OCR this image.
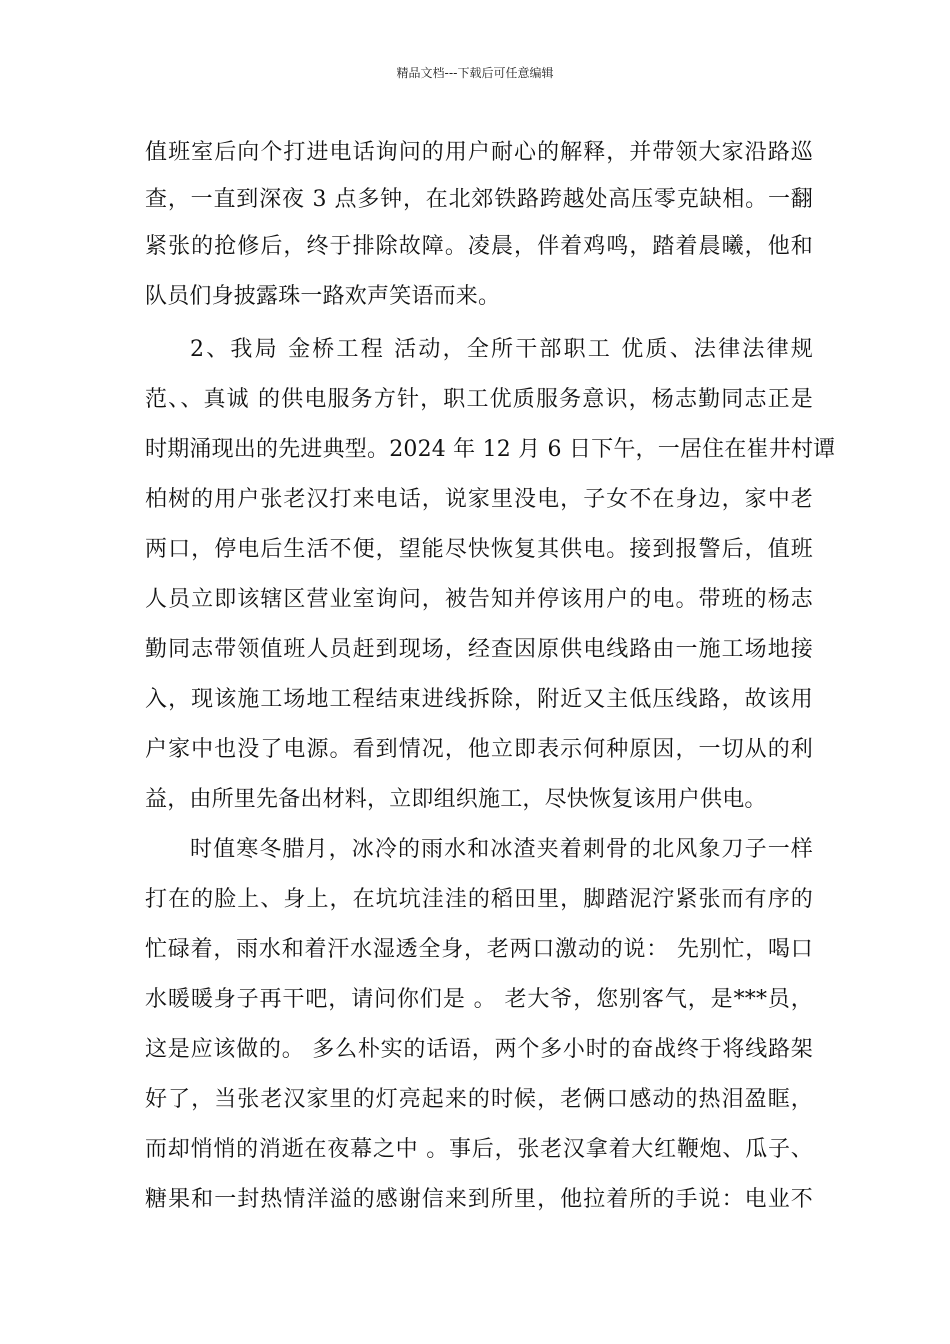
精品文档---下载后可任意编辑
值班室后向个打进电话询问的用户耐心的解释，并带领大家沿路巡
查，一直到深夜 3 点多钟，在北郊铁路跨越处高压零克缺相。一翻
紧张的抢修后，终于排除故障。凌晨，伴着鸡鸣，踏着晨曦，他和
队员们身披露珠一路欢声笑语而来。
2、我局 金桥工程 活动，全所干部职工 优质、法律法律规
范、、真诚 的供电服务方针，职工优质服务意识，杨志勤同志正是
时期涌现出的先进典型。2024 年 12 月 6 日下午，一居住在崔井村谭
柏树的用户张老汉打来电话，说家里没电，子女不在身边，家中老
两口，停电后生活不便，望能尽快恢复其供电。接到报警后，值班
人员立即该辖区营业室询问，被告知并停该用户的电。带班的杨志
勤同志带领值班人员赶到现场，经查因原供电线路由一施工场地接
入，现该施工场地工程结束进线拆除，附近又主低压线路，故该用
户家中也没了电源。看到情况，他立即表示何种原因，一切从的利
益，由所里先备出材料，立即组织施工，尽快恢复该用户供电。
时值寒冬腊月，冰冷的雨水和冰渣夹着刺骨的北风象刀子一样
打在的脸上、身上，在坑坑洼洼的稻田里，脚踏泥泞紧张而有序的
忙碌着，雨水和着汗水湿透全身，老两口激动的说： 先别忙，喝口
水暖暖身子再干吧，请问你们是 。 老大爷，您别客气，是***员，
这是应该做的。 多么朴实的话语，两个多小时的奋战终于将线路架
好了，当张老汉家里的灯亮起来的时候，老俩口感动的热泪盈眶，
而却悄悄的消逝在夜幕之中 。事后，张老汉拿着大红鞭炮、瓜子、
糖果和一封热情洋溢的感谢信来到所里，他拉着所的手说：电业不
